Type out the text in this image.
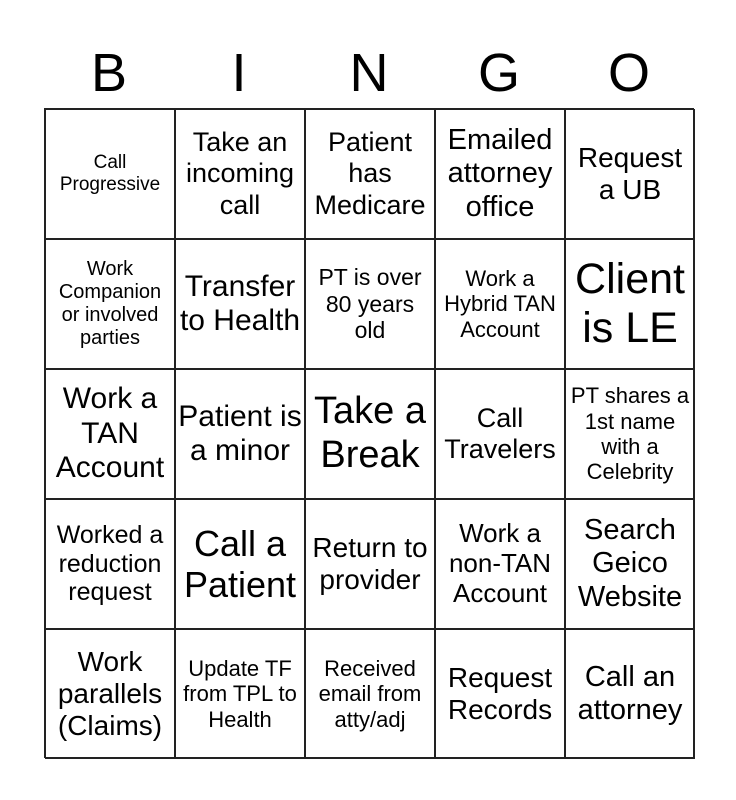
B	I	N	G	O
Call Progressive
Take an incoming call
Patient has Medicare
Emailed attorney office
Request a UB
Work Companion or involved parties
Transfer to Health
PT is over 80 years old
Work a Hybrid TAN Account
Client is LE
Work a TAN Account
Patient is a minor
Take a Break
Call Travelers
PT shares a 1st name with a Celebrity
Worked a reduction request
Call a Patient
Return to provider
Work a non-TAN Account
Search Geico Website
Work parallels (Claims)
Update TF from TPL to Health
Received email from atty/adj
Request Records
Call an attorney
